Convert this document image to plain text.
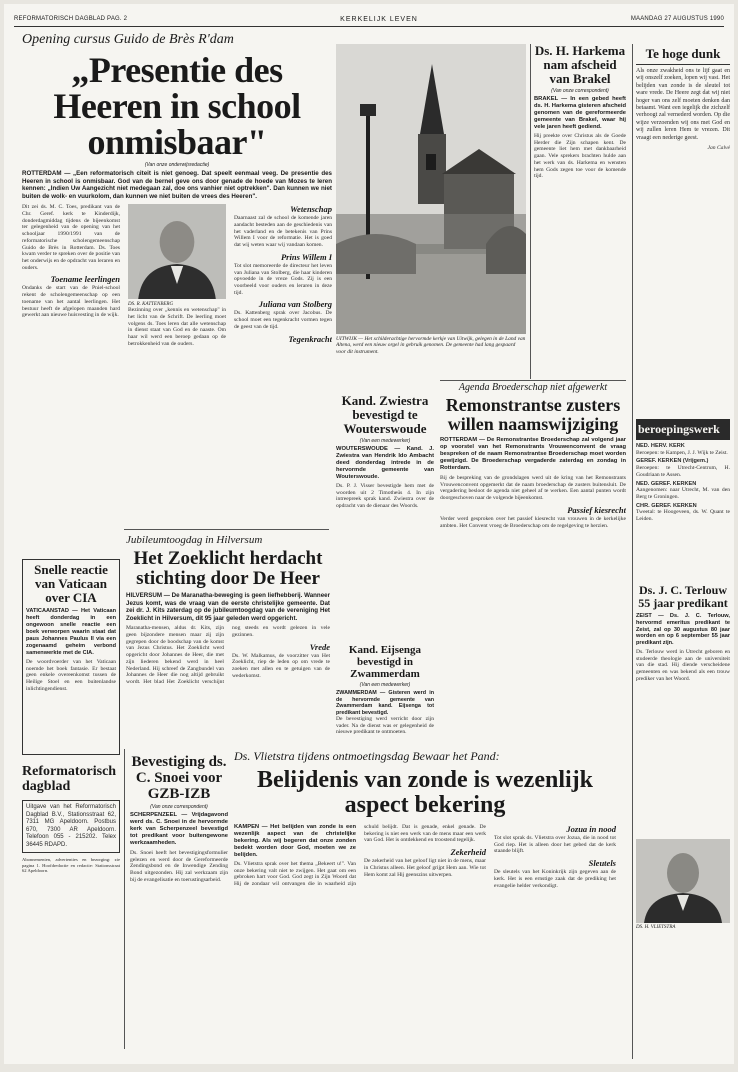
REFORMATORISCH DAGBLAD PAG. 2	KERKELIJK LEVEN	MAANDAG 27 AUGUSTUS 1990
Opening cursus Guido de Brès R'dam
„Presentie des Heeren in school onmisbaar"
(Van onze onderwijsredactie)
ROTTERDAM — „Een reformatorisch citeit is niet genoeg. Dat speelt eenmaal veeg. De presentie des Heeren in school is onmisbaar. God van de bernel geve ons door genade de hoede van Mozes te leren kennen: „Indien Uw Aangezicht niet medegaan zal, doe ons vanhier niet optrekken". Dan kunnen we niet buiten de wolk- en vuurkolom, dan kunnen we niet buiten de vrees des Heeren".
Dit zei ds. M. C. Toes, predikant van de Chr. Geref. kerk te Kinderdijk, donderdagmiddag tijdens de bijeenkomst ter gelegenheid van de opening van het schooljaar 1990/1991 van de reformatorische scholengemeenschap Guido de Brès in Rotterdam. Ds. Toes kwam verder te spreken over de positie van het onderwijs en de opdracht van leraren en ouders.
Toename leerlingen
Ondanks de start van de Pniel-school rekent de scholengemeenschap op een toename van het aantal leerlingen. Het bestuur heeft de afgelopen maanden hard gewerkt aan nieuwe huisvesting in de wijk.
DS. R. KATTENBERG
Bezinning over „kennis en wetenschap" in het licht van de Schrift. De leerling moet volgens ds. Toes leren dat alle wetenschap in dienst staat van God en de naaste. Om haar wil werd een beroep gedaan op de betrokkenheid van de ouders.
Wetenschap
Daarnaast zal de school de komende jaren aandacht besteden aan de geschiedenis van het vaderland en de betekenis van Prins Willem I voor de reformatie. Het is goed dat wij weten waar wij vandaan komen.
Prins Willem I
Tot slot memoreerde de directeur het leven van Juliana van Stolberg, die haar kinderen opvoedde in de vreze Gods. Zij is een voorbeeld voor ouders en leraren in deze tijd.
Juliana van Stolberg
Ds. Kattenberg sprak over Jacobus. De school moet een tegenkracht vormen tegen de geest van de tijd.
Tegenkracht
Jubileumtoogdag in Hilversum
Het Zoeklicht herdacht stichting door De Heer
HILVERSUM — De Maranatha-beweging is geen liefhebberij. Wanneer Jezus komt, was de vraag van de eerste christelijke gemeente. Dat zei dr. J. Kits zaterdag op de jubileumtoogdag van de vereniging Het Zoeklicht in Hilversum, dit 95 jaar geleden werd opgericht.
Maranatha-mensen, aldus dr. Kits, zijn geen bijzondere mensen maar zij zijn gegrepen door de boodschap van de komst van Jezus Christus. Het Zoeklicht werd opgericht door Johannes de Heer, die met zijn liederen bekend werd in heel Nederland. Hij schreef de Zangbundel van Johannes de Heer die nog altijd gebruikt wordt. Het blad Het Zoeklicht verschijnt nog steeds en wordt gelezen in vele gezinnen.
Vrede
Ds. W. Malkamus, de voorzitter van Het Zoeklicht, riep de leden op om vrede te zoeken met allen en te getuigen van de wederkomst.
Snelle reactie van Vaticaan over CIA
VATICAANSTAD — Het Vaticaan heeft donderdag in een ongewoon snelle reactie een boek verworpen waarin staat dat paus Johannes Paulus II via een zogenaamd geheim verbond samenwerkte met de CIA.
De woordvoerder van het Vaticaan noemde het boek fantasie. Er bestaat geen enkele overeenkomst tussen de Heilige Stoel en een buitenlandse inlichtingendienst.
Reformatorisch dagblad
Uitgave van het Reformatorisch Dagblad B.V., Stationsstraat 62, 7311 MG Apeldoorn. Postbus 670, 7300 AR Apeldoorn. Telefoon 055 - 215202. Telex 36445 RDAPD.
Abonnementen, advertenties en bezorging: zie pagina 1. Hoofdredactie en redactie: Stationsstraat 62 Apeldoorn.
Bevestiging ds. C. Snoei voor GZB-IZB
(Van onze correspondent)
SCHERPENZEEL — Vrijdagavond werd ds. C. Snoei in de hervormde kerk van Scherpenzeel bevestigd tot predikant voor buitengewone werkzaamheden.
Ds. Snoei heeft het bevestigingsformulier gelezen en werd door de Gereformeerde Zendingsbond en de Inwendige Zending Bond uitgezonden. Hij zal werkzaam zijn bij de evangelisatie en toerustingsarbeid.
Ds. Vlietstra tijdens ontmoetingsdag Bewaar het Pand:
Belijdenis van zonde is wezenlijk aspect bekering
KAMPEN — Het belijden van zonde is een wezenlijk aspect van de christelijke bekering. Als wij begeren dat onze zonden bedekt worden door God, moeten we ze belijden.
Ds. Vlietstra sprak over het thema „Bekeert u!". Van onze bekering valt niet te zwijgen. Het gaat om een gebroken hart voor God. God zegt in Zijn Woord dat Hij de zondaar wil ontvangen die in waarheid zijn schuld belijdt. Dat is genade, enkel genade. De bekering is niet een werk van de mens maar een werk van God. Het is ontdekkend en troostend tegelijk.
Zekerheid
De zekerheid van het geloof ligt niet in de mens, maar in Christus alleen. Het geloof grijpt Hem aan. Wie tot Hem komt zal Hij geenszins uitwerpen.
Jozua in nood
Tot slot sprak ds. Vlietstra over Jozua, die in nood tot God riep. Het is alleen door het gebed dat de kerk staande blijft.
Sleutels
De sleutels van het Koninkrijk zijn gegeven aan de kerk. Het is een ernstige zaak dat de prediking het evangelie helder verkondigt.
UITWIJK — Het schilderachtige hervormde kerkje van Uitwijk, gelegen in de Land van Altena, werd een nieuw orgel in gebruik genomen. De gemeente had lang gespaard voor dit instrument.
Ds. H. Harkema nam afscheid van Brakel
(Van onze correspondent)
BRAKEL — In een gebed heeft ds. H. Harkema gisteren afscheid genomen van de gereformeerde gemeente van Brakel, waar hij vele jaren heeft gediend.
Hij preekte over Christus als de Goede Herder die Zijn schapen kent. De gemeente liet hem met dankbaarheid gaan. Vele sprekers brachten hulde aan het werk van ds. Harkema en wensten hem Gods zegen toe voor de komende tijd.
Agenda Broederschap niet afgewerkt
Remonstrantse zusters willen naamswijziging
ROTTERDAM — De Remonstrantse Broederschap zal volgend jaar op voorstel van het Remonstrants Vrouwenconvent de vraag bespreken of de naam Remonstrantse Broederschap moet worden gewijzigd. De Broederschap vergaderde zaterdag en zondag in Rotterdam.
Bij de bespreking van de grondslagen werd uit de kring van het Remonstrants Vrouwenconvent opgemerkt dat de naam broederschap de zusters buitensluit. De vergadering besloot de agenda niet geheel af te werken. Een aantal punten wordt doorgeschoven naar de volgende bijeenkomst.
Passief kiesrecht
Verder werd gesproken over het passief kiesrecht van vrouwen in de kerkelijke ambten. Het Convent vroeg de Broederschap om de regelgeving te herzien.
Kand. Zwiestra bevestigd te Wouterswoude
(Van een medewerker)
WOUTERSWOUDE — Kand. J. Zwiestra van Hendrik Ido Ambacht deed donderdag intrede in de hervormde gemeente van Wouterswoude.
Ds. P. J. Visser bevestigde hem met de woorden uit 2 Timotheüs 4. In zijn intreepreek sprak kand. Zwiestra over de opdracht van de dienaar des Woords.
Kand. Eijsenga bevestigd in Zwammerdam
(Van een medewerker)
ZWAMMERDAM — Gisteren werd in de hervormde gemeente van Zwammerdam kand. Eijsenga tot predikant bevestigd.
De bevestiging werd verricht door zijn vader. Na de dienst was er gelegenheid de nieuwe predikant te ontmoeten.
Te hoge dunk
Als onze zwakheid ons te lijf gaat en wij onszelf zoeken, lopen wij vast. Het belijden van zonde is de sleutel tot ware vrede. De Heere zegt dat wij niet hoger van ons zelf moeten denken dan betaamt. Want een iegelijk die zichzelf verhoogt zal vernederd worden. Op die wijze verzoenden wij ons met God en wij zullen leren Hem te vrezen. Dit vraagt een nederige geest.
Jan Calvé
beroepingswerk
NED. HERV. KERK
Beroepen: te Kampen, J. J. Wijk te Zeist.
GEREF. KERKEN (Vrijgem.)
Beroepen: te Utrecht-Centrum, H. Goudriaan te Assen.
NED. GEREF. KERKEN
Aangenomen: naar Utrecht, M. van den Berg te Groningen.
CHR. GEREF. KERKEN
Tweetal: te Hoogeveen, ds. W. Quant te Leiden.
Ds. J. C. Terlouw 55 jaar predikant
ZEIST — Ds. J. C. Terlouw, hervormd emeritus predikant te Zeist, zal op 30 augustus 80 jaar worden en op 6 september 55 jaar predikant zijn.
Ds. Terlouw werd in Utrecht geboren en studeerde theologie aan de universiteit van die stad. Hij diende verscheidene gemeenten en was bekend als een trouw prediker van het Woord.
DS. H. VLIETSTRA
